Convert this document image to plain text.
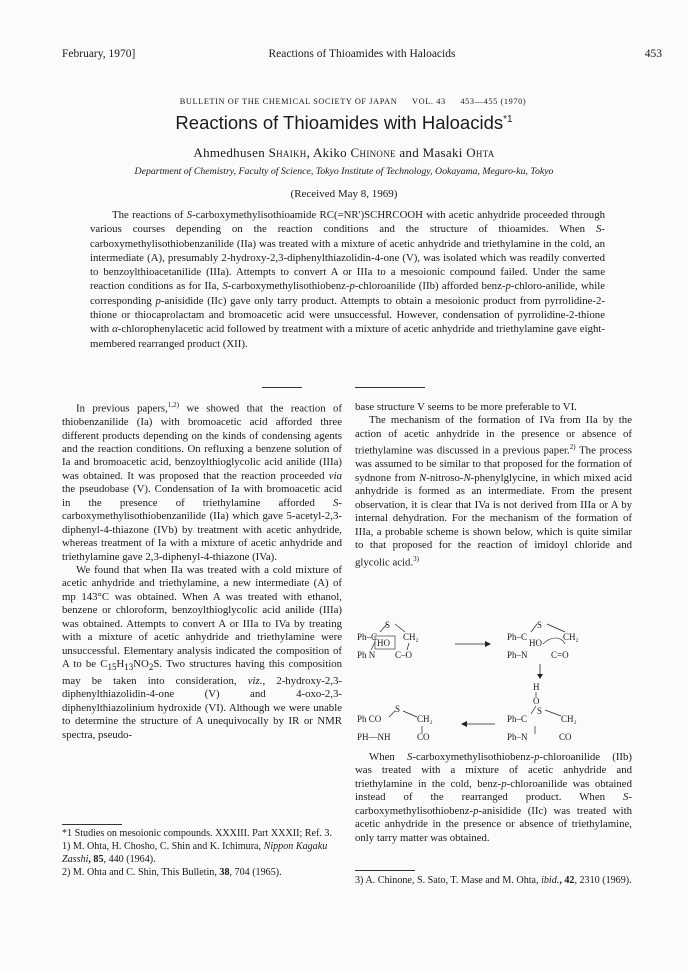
February, 1970]	Reactions of Thioamides with Haloacids	453
BULLETIN OF THE CHEMICAL SOCIETY OF JAPAN VOL. 43 453—455 (1970)
Reactions of Thioamides with Haloacids$^{*1}$
Ahmedhusen Shaikh, Akiko Chinone and Masaki Ohta
Department of Chemistry, Faculty of Science, Tokyo Institute of Technology, Ookayama, Meguro-ku, Tokyo
(Received May 8, 1969)

The reactions of S-carboxymethylisothioamide RC(=NR')SCHRCOOH with acetic anhydride proceeded through various courses depending on the reaction conditions and the structure of thioamides. When S-carboxymethylisothiobenzanilide (IIa) was treated with a mixture of acetic anhydride and triethylamine in the cold, an intermediate (A), presumably 2-hydroxy-2,3-diphenylthiazolidin-4-one (V), was isolated which was readily converted to benzoylthioacetanilide (IIIa). Attempts to convert A or IIIa to a mesoionic compound failed. Under the same reaction conditions as for IIa, S-carboxymethylisothiobenz-p-chloroanilide (IIb) afforded benz-p-chloro-anilide, while corresponding p-anisidide (IIc) gave only tarry product. Attempts to obtain a mesoionic product from pyrrolidine-2-thione or thiocaprolactam and bromoacetic acid were unsuccessful. However, condensation of pyrrolidine-2-thione with α-chlorophenylacetic acid followed by treatment with a mixture of acetic anhydride and triethylamine gave eight-membered rearranged product (XII).

In previous papers,$^{1,2)}$ we showed that the reaction of thiobenzanilide (Ia) with bromoacetic acid afforded three different products depending on the kinds of condensing agents and the reaction conditions. On refluxing a benzene solution of Ia and bromoacetic acid, benzoylthioglycolic acid anilide (IIIa) was obtained. It was proposed that the reaction proceeded via the pseudobase (V). Condensation of Ia with bromoacetic acid in the presence of triethylamine afforded S-carboxymethylisothiobenzanilide (IIa) which gave 5-acetyl-2,3-diphenyl-4-thiazone (IVb) by treatment with acetic anhydride, whereas treatment of Ia with a mixture of acetic anhydride and triethylamine gave 2,3-diphenyl-4-thiazone (IVa).

We found that when IIa was treated with a cold mixture of acetic anhydride and triethylamine, a new intermediate (A) of mp 143°C was obtained. When A was treated with ethanol, benzene or chloroform, benzoylthioglycolic acid anilide (IIIa) was obtained. Attempts to convert A or IIIa to IVa by treating with a mixture of acetic anhydride and triethylamine were unsuccessful. Elementary analysis indicated the composition of A to be $C_{15}H_{13}NO_2S$. Two structures having this composition may be taken into consideration, viz., 2-hydroxy-2,3-diphenylthiazolidin-4-one (V) and 4-oxo-2,3-diphenylthiazolinium hydroxide (VI). Although we were unable to determine the structure of A unequivocally by IR or NMR spectra, pseudo-

*1 Studies on mesoionic compounds. XXXIII. Part XXXII; Ref. 3.

1) M. Ohta, H. Chosho, C. Shin and K. Ichimura, Nippon Kagaku Zasshi, 85, 440 (1964).

2) M. Ohta and C. Shin, This Bulletin, 38, 704 (1965).

base structure V seems to be more preferable to VI.

The mechanism of the formation of IVa from IIa by the action of acetic anhydride in the presence or absence of triethylamine was discussed in a previous paper.$^{2)}$ The process was assumed to be similar to that proposed for the formation of sydnone from N-nitroso-N-phenylglycine, in which mixed acid anhydride is formed as an intermediate. From the present observation, it is clear that IVa is not derived from IIIa or A by internal dehydration. For the mechanism of the formation of IIIa, a probable scheme is shown below, which is quite similar to that proposed for the reaction of imidoyl chloride and glycolic acid.$^{3)}$

S
Ph–C	CH₂
HO
Ph N C–O
S
Ph–C	CH₂
HO
Ph–N	C=O
H
O
S
Ph–C	CH₂
Ph–N	CO
S
Ph CO	CH₂
PH—NH	CO

When S-carboxymethylisothiobenz-p-chloroanilide (IIb) was treated with a mixture of acetic anhydride and triethylamine in the cold, benz-p-chloroanilide was obtained instead of the rearranged product. When S-carboxymethylisothiobenz-p-anisidide (IIc) was treated with acetic anhydride in the presence or absence of triethylamine, only tarry matter was obtained.

3) A. Chinone, S. Sato, T. Mase and M. Ohta, ibid., 42, 2310 (1969).
